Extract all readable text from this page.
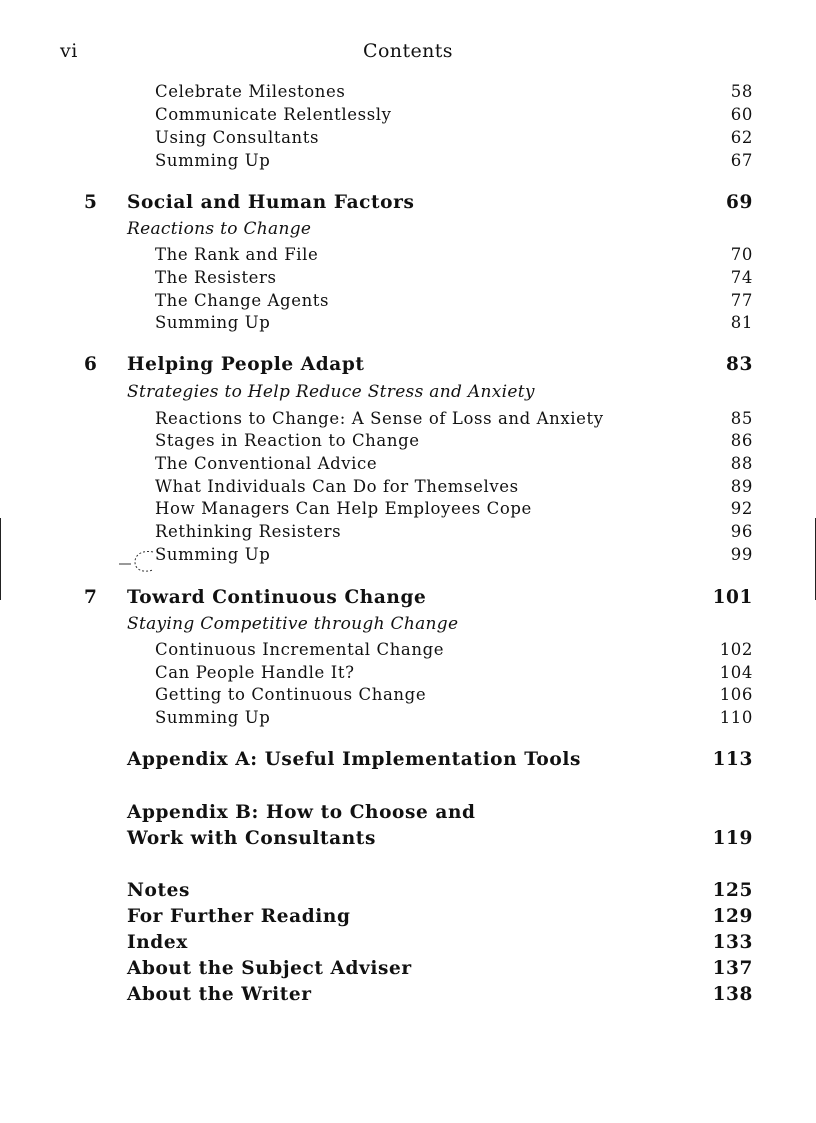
vi	Contents
Celebrate Milestones	58
Communicate Relentlessly	60
Using Consultants	62
Summing Up	67
5 Social and Human Factors	69
Reactions to Change
The Rank and File	70
The Resisters	74
The Change Agents	77
Summing Up	81
6 Helping People Adapt	83
Strategies to Help Reduce Stress and Anxiety
Reactions to Change: A Sense of Loss and Anxiety	85
Stages in Reaction to Change	86
The Conventional Advice	88
What Individuals Can Do for Themselves	89
How Managers Can Help Employees Cope	92
Rethinking Resisters	96
Summing Up	99
7 Toward Continuous Change	101
Staying Competitive through Change
Continuous Incremental Change	102
Can People Handle It?	104
Getting to Continuous Change	106
Summing Up	110
Appendix A: Useful Implementation Tools	113
Appendix B: How to Choose and
Work with Consultants	119
Notes	125
For Further Reading	129
Index	133
About the Subject Adviser	137
About the Writer	138
